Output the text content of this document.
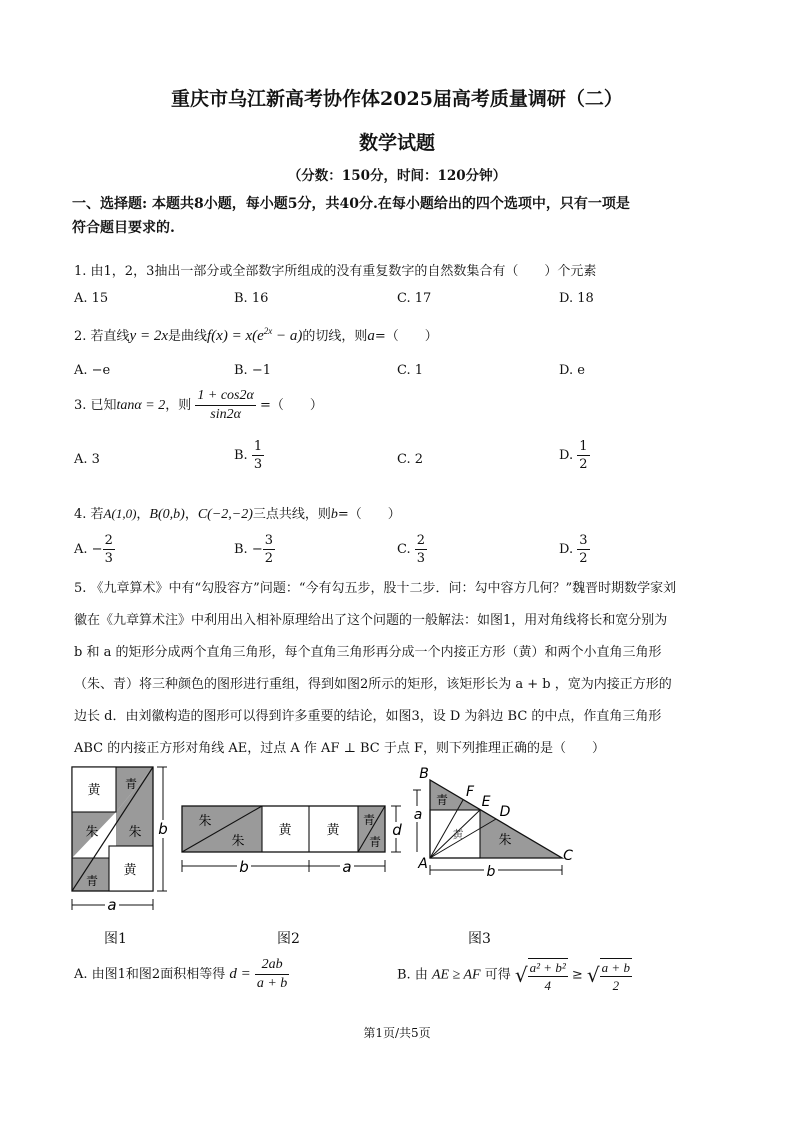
重庆市乌江新高考协作体2025届高考质量调研（二）
数学试题
（分数：150分，时间：120分钟）
一、选择题: 本题共8小题，每小题5分，共40分.在每小题给出的四个选项中，只有一项是
符合题目要求的.
1. 由1，2，3抽出一部分或全部数字所组成的没有重复数字的自然数集合有（　　）个元素
A. 15	B. 16	C. 17	D. 18
2. 若直线y = 2x是曲线$f(x) = x(e^{2x} - a)$的切线，则a=（　　）
A. −e	B. −1	C. 1	D. e
3. 已知tanα = 2，则 $\frac{1 + \cos 2\alpha}{\sin 2\alpha}$ =（　　）
A. 3	B. $\frac{1}{3}$	C. 2	D. $\frac{1}{2}$
4. 若A(1,0)，B(0,b)，C(−2,−2)三点共线，则b=（　　）
A. − $\frac{2}{3}$	B. − $\frac{3}{2}$	C. $\frac{2}{3}$	D. $\frac{3}{2}$
5. 《九章算术》中有“勾股容方”问题：“今有勾五步，股十二步．问：勾中容方几何？”魏晋时期数学家刘
徽在《九章算术注》中利用出入相补原理给出了这个问题的一般解法：如图1，用对角线将长和宽分别为
b 和 a 的矩形分成两个直角三角形，每个直角三角形再分成一个内接正方形（黄）和两个小直角三角形
（朱、青）将三种颜色的图形进行重组，得到如图2所示的矩形，该矩形长为 a + b ，宽为内接正方形的
边长 d．由刘徽构造的图形可以得到许多重要的结论，如图3，设 D 为斜边 BC 的中点，作直角三角形
ABC 的内接正方形对角线 AE，过点 A 作 AF ⊥ BC 于点 F，则下列推理正确的是（　　）
黄 青
朱 朱
黄
青
b
a
图1
朱
朱
黄	黄
青
青
d
b	a
图2
B
F
E
D
A	C
青
黄	朱
a
b
图3
A. 由图1和图2面积相等得 $d = \frac{2ab}{a + b}$	B. 由 AE ≥ AF 可得 √ $\frac{\text{a² + b²}}{4}$ ≥ √ $\frac{a + b}{2}$
第1页/共5页
